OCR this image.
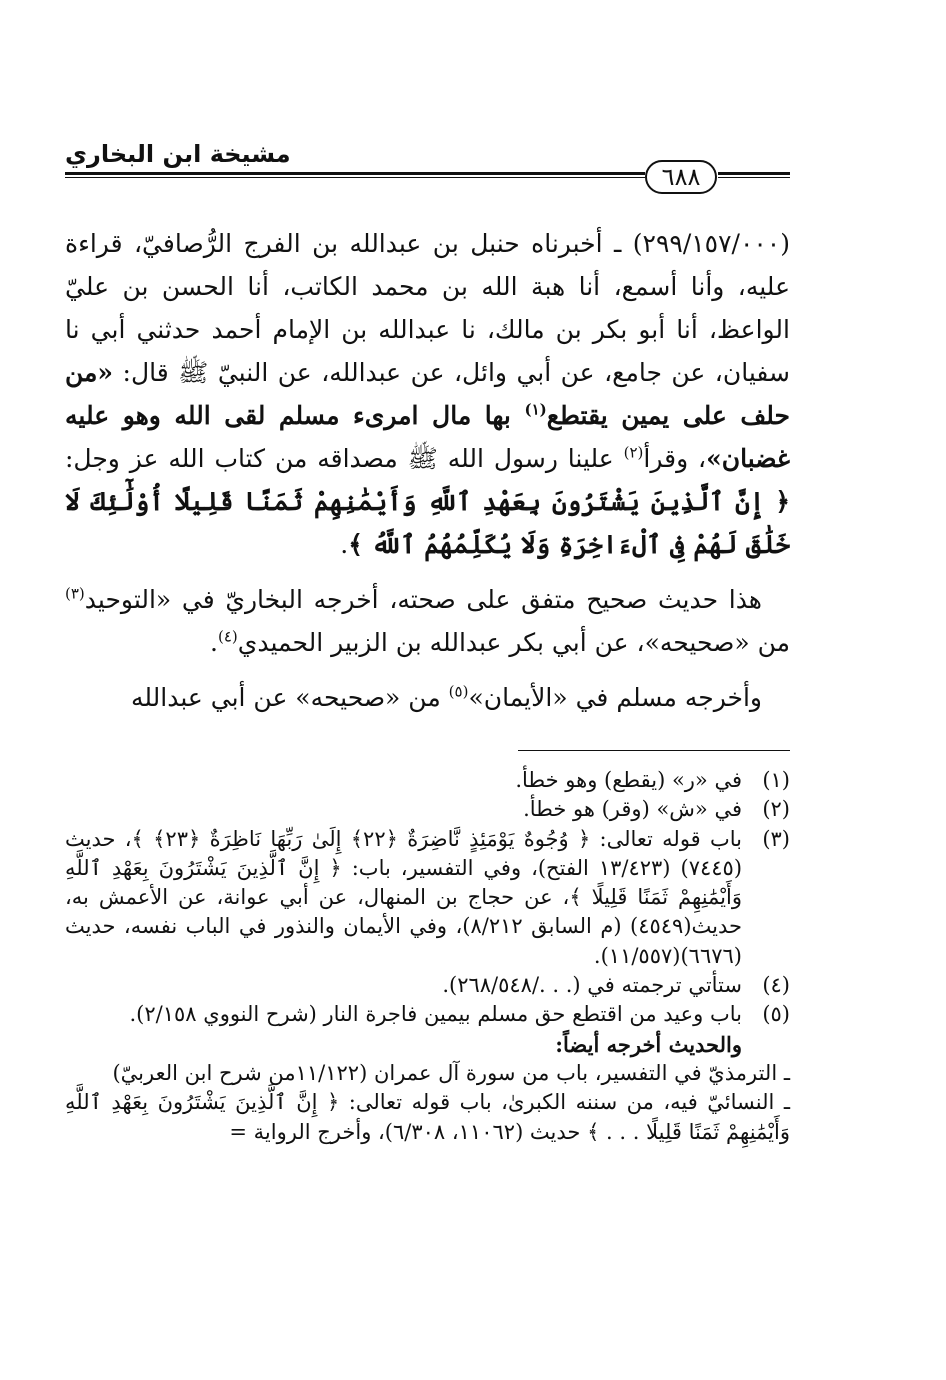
مشيخة ابن البخاري
٦٨٨

(٢٩٩/١٥٧/٠٠٠) ـ أخبرناه حنبل بن عبدالله بن الفرج الرُّصافيّ، قراءة عليه، وأنا أسمع، أنا هبة الله بن محمد الكاتب، أنا الحسن بن عليّ الواعظ، أنا أبو بكر بن مالك، نا عبدالله بن الإمام أحمد حدثني أبي نا سفيان، عن جامع، عن أبي وائل، عن عبدالله، عن النبيّ ﷺ قال: «من حلف على يمين يقتطع$^{(١)}$ بها مال امرىء مسلم لقى الله وهو عليه غضبان»، وقرأ$^{(٢)}$ علينا رسول الله ﷺ مصداقه من كتاب الله عز وجل: ﴿ إِنَّ ٱلَّذِينَ يَشْتَرُونَ بِعَهْدِ ٱللَّهِ وَأَيْمَٰنِهِمْ ثَمَنًا قَلِيلًا أُوْلَٰٓئِكَ لَا خَلَٰقَ لَهُمْ فِى ٱلْءَاخِرَةِ وَلَا يُكَلِّمُهُمُ ٱللَّهُ ﴾.

هذا حديث صحيح متفق على صحته، أخرجه البخاريّ في «التوحيد$^{(٣)}$ من «صحيحه»، عن أبي بكر عبدالله بن الزبير الحميدي$^{(٤)}$.

وأخرجه مسلم في «الأيمان»$^{(٥)}$ من «صحيحه» عن أبي عبدالله

(١)
في «ر» (يقطع) وهو خطأ.
(٢)
في «ش» (وقر) هو خطأ.
(٣)
باب قوله تعالى: ﴿ وُجُوهٌ يَوْمَئِذٍ نَّاضِرَةٌ ﴿٢٢﴾ إِلَىٰ رَبِّهَا نَاظِرَةٌ ﴿٢٣﴾ ﴾، حديث (٧٤٤٥) (١٣/٤٢٣ الفتح)، وفي التفسير، باب: ﴿ إِنَّ ٱلَّذِينَ يَشْتَرُونَ بِعَهْدِ ٱللَّهِ وَأَيْمَٰنِهِمْ ثَمَنًا قَلِيلًا ﴾، عن حجاج بن المنهال، عن أبي عوانة، عن الأعمش به، حديث(٤٥٤٩) (م السابق ٨/٢١٢)، وفي الأيمان والنذور في الباب نفسه، حديث (٦٦٧٦)(١١/٥٥٧).
(٤)
ستأتي ترجمته في (. . ./٢٦٨/٥٤٨).
(٥)
باب وعيد من اقتطع حق مسلم بيمين فاجرة النار (شرح النووي ٢/١٥٨).
والحديث أخرجه أيضاً:
ـ الترمذيّ في التفسير، باب من سورة آل عمران (١١/١٢٢من شرح ابن العربيّ)
ـ النسائيّ فيه، من سننه الكبرىٰ، باب قوله تعالى: ﴿ إِنَّ ٱلَّذِينَ يَشْتَرُونَ بِعَهْدِ ٱللَّهِ وَأَيْمَٰنِهِمْ ثَمَنًا قَلِيلًا . . . ﴾ حديث (١١٠٦٢، ٦/٣٠٨)، وأخرج الرواية =
